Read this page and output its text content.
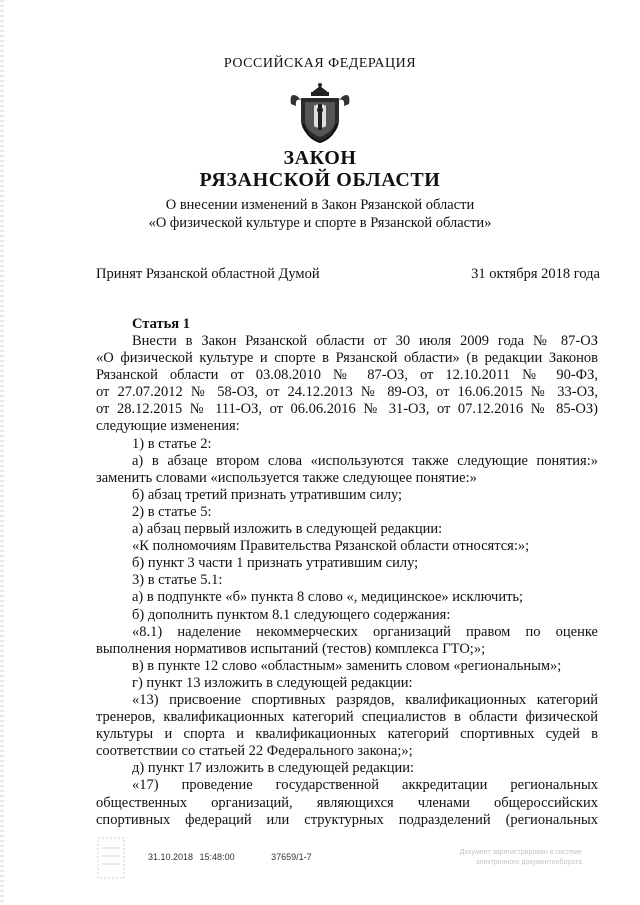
РОССИЙСКАЯ ФЕДЕРАЦИЯ
ЗАКОН
РЯЗАНСКОЙ ОБЛАСТИ
О внесении изменений в Закон Рязанской области
«О физической культуре и спорте в Рязанской области»
Принят Рязанской областной Думой	31 октября 2018 года
Статья 1

Внести в Закон Рязанской области от 30 июля 2009 года № 87-ОЗ

«О физической культуре и спорте в Рязанской области» (в редакции Законов

Рязанской области от 03.08.2010 № 87-ОЗ, от 12.10.2011 № 90-ФЗ,

от 27.07.2012 № 58-ОЗ, от 24.12.2013 № 89-ОЗ, от 16.06.2015 № 33-ОЗ,

от 28.12.2015 № 111-ОЗ, от 06.06.2016 № 31-ОЗ, от 07.12.2016 № 85-ОЗ)

следующие изменения:

1) в статье 2:

а) в абзаце втором слова «используются также следующие понятия:»

заменить словами «используется также следующее понятие:»

б) абзац третий признать утратившим силу;

2) в статье 5:

а) абзац первый изложить в следующей редакции:

«К полномочиям Правительства Рязанской области относятся:»;

б) пункт 3 части 1 признать утратившим силу;

3) в статье 5.1:

а) в подпункте «б» пункта 8 слово «, медицинское» исключить;

б) дополнить пунктом 8.1 следующего содержания:

«8.1) наделение некоммерческих организаций правом по оценке

выполнения нормативов испытаний (тестов) комплекса ГТО;»;

в) в пункте 12 слово «областным» заменить словом «региональным»;

г) пункт 13 изложить в следующей редакции:

«13) присвоение спортивных разрядов, квалификационных категорий

тренеров, квалификационных категорий специалистов в области физической

культуры и спорта и квалификационных категорий спортивных судей в

соответствии со статьей 22 Федерального закона;»;

д) пункт 17 изложить в следующей редакции:

«17) проведение государственной аккредитации региональных

общественных организаций, являющихся членами общероссийских

спортивных федераций или структурных подразделений (региональных

31.10.2018 15:48:00	37659/1-7	Документ зарегистрирован в системе
электронного документооборота
